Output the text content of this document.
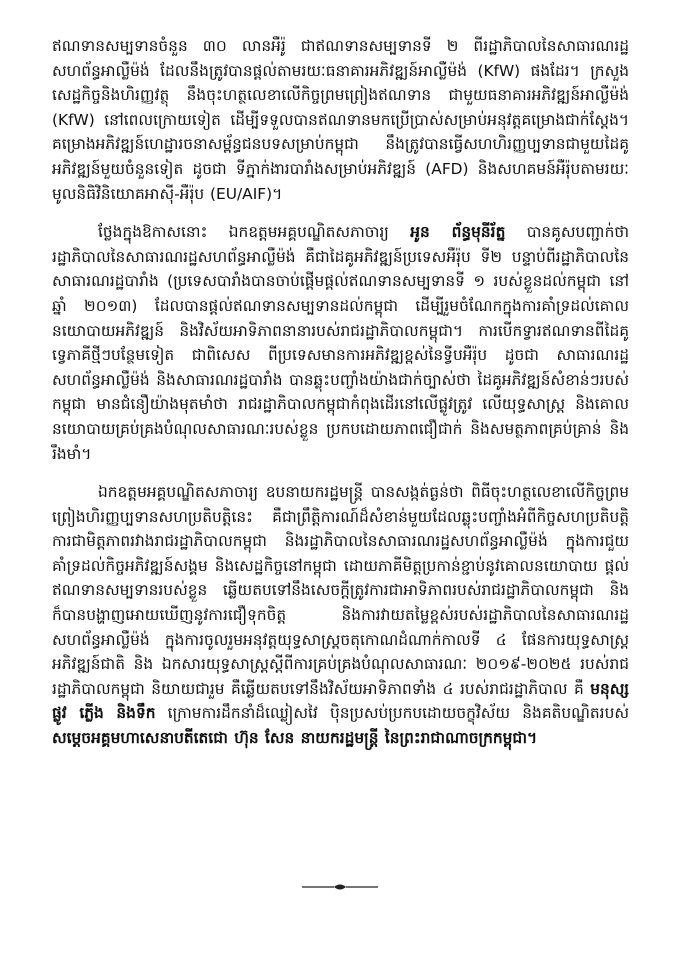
ឥណទានសម្បទានចំនួន ៣០ លានអឺរ៉ូ ជាឥណទានសម្បទានទី ២ ពីរដ្ឋាភិបាលនៃសាធារណរដ្ឋសហព័ន្ធអាល្លឺម៉ង់ ដែលនឹងត្រូវបានផ្ដល់តាមរយៈធនាគារអភិវឌ្ឍន៍អាល្លឺម៉ង់ (KfW) ផងដែរ។ ក្រសួងសេដ្ឋកិច្ចនិងហិរញ្ញវត្ថុ នឹងចុះហត្ថលេខាលើកិច្ចព្រមព្រៀងឥណទាន ជាមួយធនាគារអភិវឌ្ឍន៍អាល្លឺម៉ង់ (KfW) នៅពេលក្រោយទៀត ដើម្បីទទួលបានឥណទានមកប្រើប្រាស់សម្រាប់អនុវត្តគម្រោងជាក់ស្ដែង។ គម្រោងអភិវឌ្ឍន៍ហេដ្ឋារចនាសម្ព័ន្ធជនបទសម្រាប់កម្ពុជា នឹងត្រូវបានធ្វើសហហិរញ្ញប្បទានជាមួយដៃគូអភិវឌ្ឍន៍មួយចំនួនទៀត ដូចជា ទីភ្នាក់ងារបារាំងសម្រាប់អភិវឌ្ឍន៍ (AFD) និងសហគមន៍អឺរ៉ុបតាមរយៈមូលនិធិវិនិយោគអាស៊ី-អឺរ៉ុប (EU/AIF)។

ថ្លែងក្នុងឱកាសនោះ ឯកឧត្ដមអគ្គបណ្ឌិតសភាចារ្យ អូន ព័ន្ធមុនីរ័ត្ន បានគូសបញ្ជាក់ថា រដ្ឋាភិបាលនៃសាធារណរដ្ឋសហព័ន្ធអាល្លឺម៉ង់ គឺជាដៃគូអភិវឌ្ឍន៍ប្រទេសអឺរ៉ុប ទី២ បន្ទាប់ពីរដ្ឋាភិបាលនៃសាធារណរដ្ឋបារាំង (ប្រទេសបារាំងបានចាប់ផ្ដើមផ្ដល់ឥណទានសម្បទានទី ១ របស់ខ្លួនដល់កម្ពុជា នៅឆ្នាំ ២០១៣) ដែលបានផ្ដល់ឥណទានសម្បទានដល់កម្ពុជា ដើម្បីរួមចំណែកក្នុងការគាំទ្រដល់គោលនយោបាយអភិវឌ្ឍន៍ និងវិស័យអាទិភាពនានារបស់រាជរដ្ឋាភិបាលកម្ពុជា។ ការបើកទ្វារឥណទានពីដៃគូទ្វេភាគីថ្មីៗបន្ថែមទៀត ជាពិសេស ពីប្រទេសមានការអភិវឌ្ឍខ្ពស់នៃទ្វីបអឺរ៉ុប ដូចជា សាធារណរដ្ឋសហព័ន្ធអាល្លឺម៉ង់ និងសាធារណរដ្ឋបារាំង បានឆ្លុះបញ្ចាំងយ៉ាងជាក់ច្បាស់ថា ដៃគូអភិវឌ្ឍន៍សំខាន់ៗរបស់កម្ពុជា មានជំនឿយ៉ាងមុតមាំថា រាជរដ្ឋាភិបាលកម្ពុជាកំពុងដើរនៅលើផ្លូវត្រូវ លើយុទ្ធសាស្ត្រ និងគោលនយោបាយគ្រប់គ្រងបំណុលសាធារណៈរបស់ខ្លួន ប្រកបដោយភាពជឿជាក់ និងសមត្ថភាពគ្រប់គ្រាន់ និងរឹងមាំ។

ឯកឧត្ដមអគ្គបណ្ឌិតសភាចារ្យ ឧបនាយករដ្ឋមន្ត្រី បានសង្កត់ធ្ងន់ថា ពិធីចុះហត្ថលេខាលើកិច្ចព្រមព្រៀងហិរញ្ញប្បទានសហប្រតិបត្តិនេះ គឺជាព្រឹត្តិការណ៍ដ៏សំខាន់មួយដែលឆ្លុះបញ្ចាំងអំពីកិច្ចសហប្រតិបត្តិការជាមិត្តភាពរវាងរាជរដ្ឋាភិបាលកម្ពុជា និងរដ្ឋាភិបាលនៃសាធារណរដ្ឋសហព័ន្ធអាល្លឺម៉ង់ ក្នុងការជួយគាំទ្រដល់កិច្ចអភិវឌ្ឍន៍សង្គម និងសេដ្ឋកិច្ចនៅកម្ពុជា ដោយភាគីមិត្តប្រកាន់ខ្ជាប់នូវគោលនយោបាយ ផ្ដល់ឥណទានសម្បទានរបស់ខ្លួន ឆ្លើយតបទៅនឹងសេចក្ដីត្រូវការជាអាទិភាពរបស់រាជរដ្ឋាភិបាលកម្ពុជា និងក៏បានបង្ហាញអោយឃើញនូវការជឿទុកចិត្ត និងការវាយតម្លៃខ្ពស់របស់រដ្ឋាភិបាលនៃសាធារណរដ្ឋសហព័ន្ធអាល្លឺម៉ង់ ក្នុងការចូលរួមអនុវត្តយុទ្ធសាស្ត្រចតុកោណដំណាក់កាលទី ៤ ផែនការយុទ្ធសាស្ត្រអភិវឌ្ឍន៍ជាតិ និង ឯកសារយុទ្ធសាស្ត្រស្ដីពីការគ្រប់គ្រងបំណុលសាធារណៈ ២០១៩-២០២៥ របស់រាជរដ្ឋាភិបាលកម្ពុជា និយាយជារួម គឺឆ្លើយតបទៅនឹងវិស័យអាទិភាពទាំង ៤ របស់រាជរដ្ឋាភិបាល គឺ មនុស្ស ផ្លូវ ភ្លើង និងទឹក ក្រោមការដឹកនាំដ៏ឈ្លៀសវៃ ប៉ិនប្រសប់ប្រកបដោយចក្ខុវិស័យ និងគតិបណ្ឌិតរបស់ សម្ដេចអគ្គមហាសេនាបតីតេជោ ហ៊ុន សែន នាយករដ្ឋមន្ត្រី នៃព្រះរាជាណាចក្រកម្ពុជា។
